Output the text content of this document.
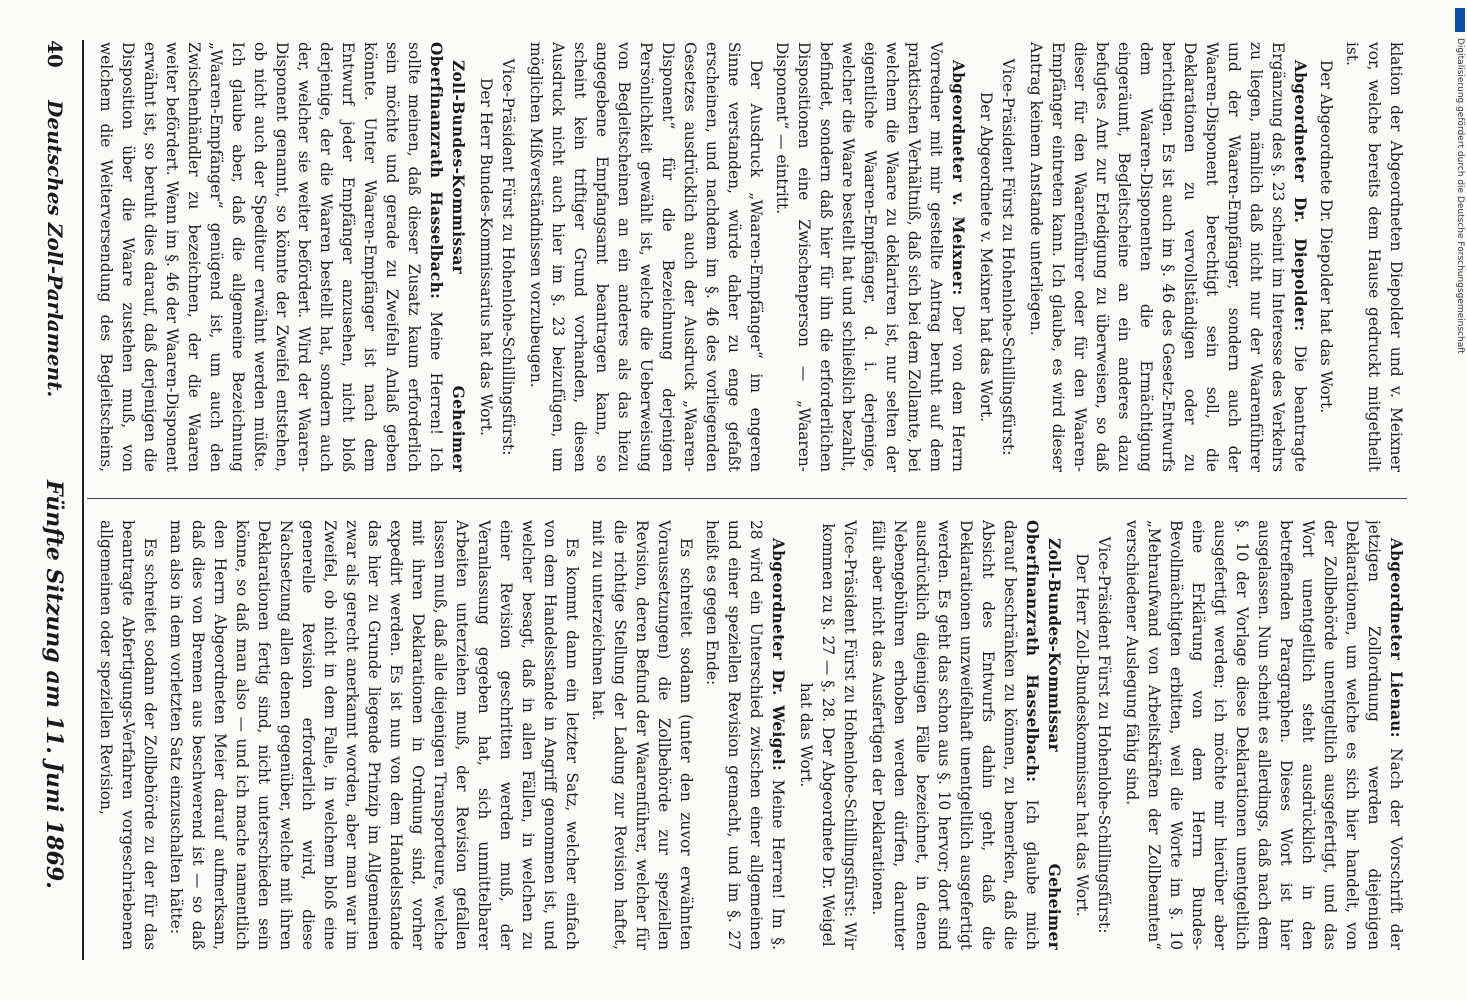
40
Deutsches Zoll-Parlament.
Fünfte Sitzung am 11. Juni 1869.

klation der Abgeordneten Diepolder und v. Meixner vor, welche bereits dem Hause gedruckt mitgetheilt ist.

Der Abgeordnete Dr. Diepolder hat das Wort.

Abgeordneter Dr. Diepolder: Die beantragte Ergänzung des §. 23 scheint im Interesse des Verkehrs zu liegen, nämlich daß nicht nur der Waarenführer und der Waaren-Empfänger, sondern auch der Waaren-Disponent berechtigt sein soll, die Deklarationen zu vervollständigen oder zu berichtigen. Es ist auch im §. 46 des Gesetz-Entwurfs dem Waaren-Disponenten die Ermächtigung eingeräumt, Begleitscheine an ein anderes dazu befugtes Amt zur Erledigung zu überweisen, so daß dieser für den Waarenführer oder für den Waaren-Empfänger eintreten kann. Ich glaube, es wird dieser Antrag keinem Anstande unterliegen.

Vice-Präsident Fürst zu Hohenlohe-Schillingsfürst: Der Abgeordnete v. Meixner hat das Wort.

Abgeordneter v. Meixner: Der von dem Herrn Vorredner mit mir gestellte Antrag beruht auf dem praktischen Verhältniß, daß sich bei dem Zollamte, bei welchem die Waare zu deklariren ist, nur selten der eigentliche Waaren-Empfänger, d. i. derjenige, welcher die Waare bestellt hat und schließlich bezahlt, befindet, sondern daß hier für ihn die erforderlichen Dispositionen eine Zwischenperson — „Waaren-Disponent“ — eintritt.

Der Ausdruck „Waaren-Empfänger“ im engeren Sinne verstanden, würde daher zu enge gefaßt erscheinen, und nachdem im §. 46 des vorliegenden Gesetzes ausdrücklich auch der Ausdruck „Waaren-Disponent“ für die Bezeichnung derjenigen Persönlichkeit gewählt ist, welche die Ueberweisung von Begleitscheinen an ein anderes als das hiezu angegebene Empfangsamt beantragen kann, so scheint kein triftiger Grund vorhanden, diesen Ausdruck nicht auch hier im §. 23 beizufügen, um möglichen Mißverständnissen vorzubeugen.

Vice-Präsident Fürst zu Hohenlohe-Schillingsfürst: Der Herr Bundes-Kommissarius hat das Wort.

Zoll-Bundes-Kommissar Geheimer Oberfinanzrath Hasselbach: Meine Herren! Ich sollte meinen, daß dieser Zusatz kaum erforderlich sein möchte und gerade zu Zweifeln Anlaß geben könnte. Unter Waaren-Empfänger ist nach dem Entwurf jeder Empfänger anzusehen, nicht bloß derjenige, der die Waaren bestellt hat, sondern auch der, welcher sie weiter befördert. Wird der Waaren-Disponent genannt, so könnte der Zweifel entstehen, ob nicht auch der Spediteur erwähnt werden müßte. Ich glaube aber, daß die allgemeine Bezeichnung „Waaren-Empfänger“ genügend ist, um auch den Zwischenhändler zu bezeichnen, der die Waaren weiter befördert. Wenn im §. 46 der Waaren-Disponent erwähnt ist, so beruht dies darauf, daß derjenigen die Disposition über die Waare zustehen muß, von welchem die Weiterversendung des Begleitscheins,

Abgeordneter Lienau: Nach der Vorschrift der jetzigen Zollordnung werden diejenigen Deklarationen, um welche es sich hier handelt, von der Zollbehörde unentgeltlich ausgefertigt, und das Wort unentgeltlich steht ausdrücklich in den betreffenden Paragraphen. Dieses Wort ist hier ausgelassen. Nun scheint es allerdings, daß nach dem §. 10 der Vorlage diese Deklarationen unentgeltlich ausgefertigt werden; ich möchte mir hierüber aber eine Erklärung von dem Herrn Bundes-Bevollmächtigten erbitten, weil die Worte im §. 10 „Mehraufwand von Arbeitskräften der Zollbeamten“ verschiedener Auslegung fähig sind.

Vice-Präsident Fürst zu Hohenlohe-Schillingsfürst: Der Herr Zoll-Bundeskommissar hat das Wort.

Zoll-Bundes-Kommissar Geheimer Oberfinanzrath Hasselbach: Ich glaube mich darauf beschränken zu können, zu bemerken, daß die Absicht des Entwurfs dahin geht, daß die Deklarationen unzweifelhaft unentgeltlich ausgefertigt werden. Es geht das schon aus §. 10 hervor; dort sind ausdrücklich diejenigen Fälle bezeichnet, in denen Nebengebühren erhoben werden dürfen, darunter fällt aber nicht das Ausfertigen der Deklarationen.

Vice-Präsident Fürst zu Hohenlohe-Schillingsfürst: Wir kommen zu §. 27 — §. 28. Der Abgeordnete Dr. Weigel hat das Wort.

Abgeordneter Dr. Weigel: Meine Herren! Im §. 28 wird ein Unterschied zwischen einer allgemeinen und einer speziellen Revision gemacht, und im §. 27 heißt es gegen Ende:

Es schreitet sodann (unter den zuvor erwähnten Voraussetzungen) die Zollbehörde zur speziellen Revision, deren Befund der Waarenführer, welcher für die richtige Stellung der Ladung zur Revision haftet, mit zu unterzeichnen hat.

Es kommt dann ein letzter Satz, welcher einfach von dem Handelsstande in Angriff genommen ist, und welcher besagt, daß in allen Fällen, in welchen zu einer Revision geschritten werden muß, der Veranlassung gegeben hat, sich unmittelbarer Arbeiten unterziehen muß, der Revision gefallen lassen muß, daß alle diejenigen Transporteure, welche mit ihren Deklarationen in Ordnung sind, vorher expedirt werden. Es ist nun von dem Handelsstande das hier zu Grunde liegende Prinzip im Allgemeinen zwar als gerecht anerkannt worden, aber man war im Zweifel, ob nicht in dem Falle, in welchem bloß eine generelle Revision erforderlich wird, diese Nachsetzung allen denen gegenüber, welche mit ihren Deklarationen fertig sind, nicht unterschieden sein könne, so daß man also — und ich mache namentlich den Herrn Abgeordneten Meier darauf aufmerksam, daß dies von Bremen aus beschwerend ist — so daß man also in dem vorletzten Satz einzuschalten hätte:

Es schreitet sodann der Zollbehörde zu der für das beantragte Abfertigungs-Verfahren vorgeschriebenen allgemeinen oder speziellen Revision,

Digitalisierung gefördert durch die Deutsche Forschungsgemeinschaft
